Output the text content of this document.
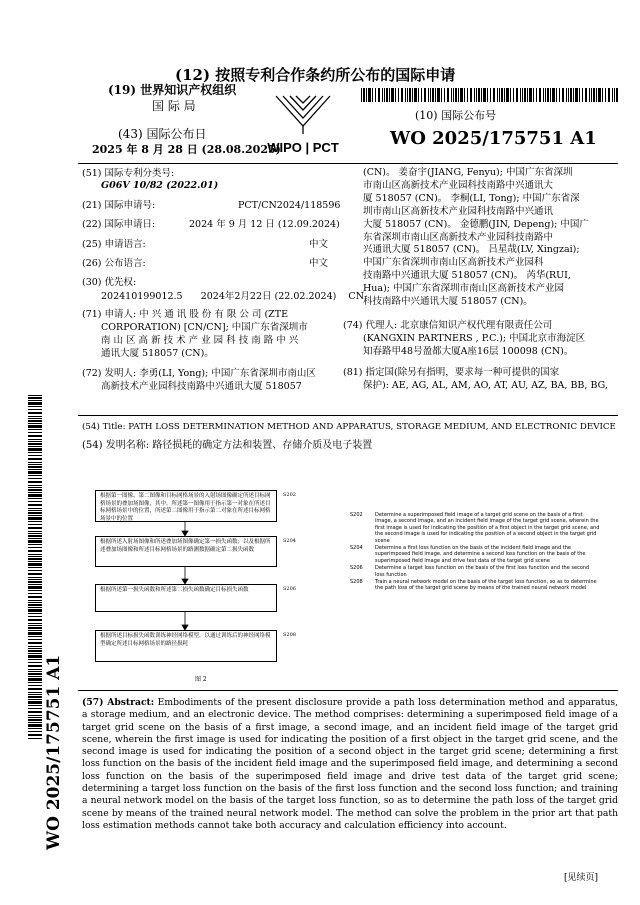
(12) 按照专利合作条约所公布的国际申请
(19) 世界知识产权组织
国 际 局
(43) 国际公布日
2025 年 8 月 28 日 (28.08.2025)
WIPO | PCT
(10) 国际公布号
WO 2025/175751 A1
WO 2025/175751 A1
(51) 国际专利分类号:
G06V 10/82 (2022.01)
(21) 国际申请号:	PCT/CN2024/118596
(22) 国际申请日:	2024 年 9 月 12 日 (12.09.2024)
(25) 申请语言:	中文
(26) 公布语言:	中文
(30) 优先权:
202410199012.5      2024年2月22日 (22.02.2024)    CN
(71) 申请人: 中 兴 通 讯 股 份 有 限 公 司 (ZTE
CORPORATION) [CN/CN]; 中国广东省深圳市
南 山 区 高 新 技 术 产 业 园 科 技 南 路 中 兴
通讯大厦 518057 (CN)。
(72) 发明人: 李勇(LI, Yong); 中国广东省深圳市南山区
高新技术产业园科技南路中兴通讯大厦 518057
(CN)。 姜奋宇(JIANG, Fenyu); 中国广东省深圳
市南山区高新技术产业园科技南路中兴通讯大
厦 518057 (CN)。 李桐(LI, Tong); 中国广东省深
圳市南山区高新技术产业园科技南路中兴通讯
大厦 518057 (CN)。 金德鹏(JIN, Depeng); 中国广
东省深圳市南山区高新技术产业园科技南路中
兴通讯大厦 518057 (CN)。 吕星哉(LV, Xingzai);
中国广东省深圳市南山区高新技术产业园科
技南路中兴通讯大厦 518057 (CN)。 芮华(RUI,
Hua); 中国广东省深圳市南山区高新技术产业园
科技南路中兴通讯大厦 518057 (CN)。
(74) 代理人: 北京康信知识产权代理有限责任公司
(KANGXIN PARTNERS , P.C.); 中国北京市海淀区
知春路甲48号盈都大厦A座16层 100098 (CN)。
(81) 指定国(除另有指明，要求每一种可提供的国家
保护): AE, AG, AL, AM, AO, AT, AU, AZ, BA, BB, BG,
(54) Title: PATH LOSS DETERMINATION METHOD AND APPARATUS, STORAGE MEDIUM, AND ELECTRONIC DEVICE
(54) 发明名称: 路径损耗的确定方法和装置、存储介质及电子装置
根据第一图像、第二图像和目标网格场景的入射场图像确定所述目标网格场景的叠加场图像，其中，所述第一图像用于指示第一对象在所述目标网格场景中的位置，所述第二图像用于指示第二对象在所述目标网格场景中的位置
S202
根据所述入射场图像和所述叠加场图像确定第一损失函数；以及根据所述叠加场图像和所述目标网格场景的路测数据确定第二损失函数
S204
根据所述第一损失函数和所述第二损失函数确定目标损失函数	S206
根据所述目标损失函数训练神经网络模型，以通过训练后的神经网络模型确定所述目标网格场景的路径损耗
S208
图 2
S202	Determine a superimposed field image of a target grid scene on the basis of a first image, a second image, and an incident field image of the target grid scene, wherein the first image is used for indicating the position of a first object in the target grid scene, and the second image is used for indicating the position of a second object in the target grid scene
S204	Determine a first loss function on the basis of the incident field image and the superimposed field image, and determine a second loss function on the basis of the superimposed field image and drive test data of the target grid scene
S206	Determine a target loss function on the basis of the first loss function and the second loss function
S208	Train a neural network model on the basis of the target loss function, so as to determine the path loss of the target grid scene by means of the trained neural network model
(57) Abstract: Embodiments of the present disclosure provide a path loss determination method and apparatus, a storage medium, and an electronic device. The method comprises: determining a superimposed field image of a target grid scene on the basis of a first image, a second image, and an incident field image of the target grid scene, wherein the first image is used for indicating the position of a first object in the target grid scene, and the second image is used for indicating the position of a second object in the target grid scene; determining a first loss function on the basis of the incident field image and the superimposed field image, and determining a second loss function on the basis of the superimposed field image and drive test data of the target grid scene; determining a target loss function on the basis of the first loss function and the second loss function; and training a neural network model on the basis of the target loss function, so as to determine the path loss of the target grid scene by means of the trained neural network model. The method can solve the problem in the prior art that path loss estimation methods cannot take both accuracy and calculation efficiency into account.
[见续页]
